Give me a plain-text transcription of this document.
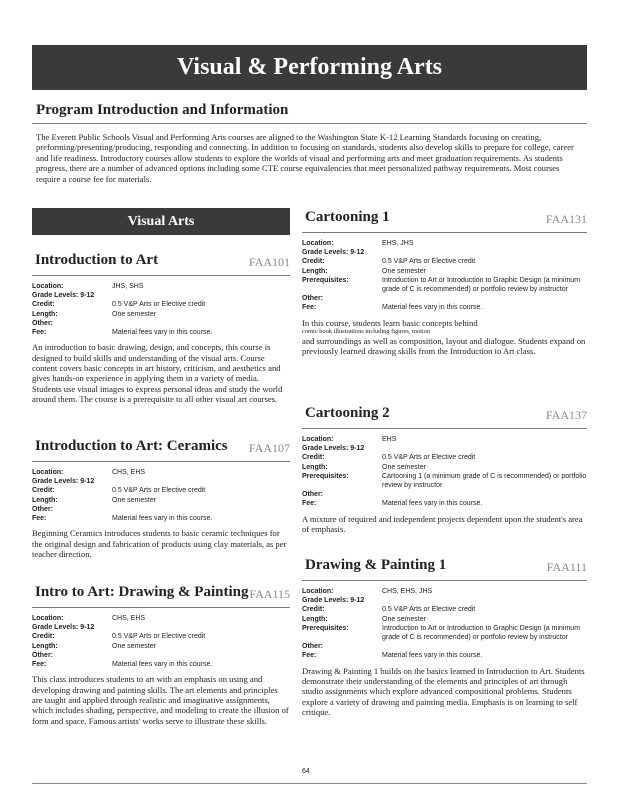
Visual & Performing Arts
Program Introduction and Information
The Everett Public Schools Visual and Performing Arts courses are aligned to the Washington State K-12 Learning Standards focusing on creating, preforming/presenting/producing, responding and connecting. In addition to focusing on standards, students also develop skills to prepare for college, career and life readiness. Introductory courses allow students to explore the worlds of visual and performing arts and meet graduation requirements. As students progress, there are a number of advanced options including some CTE course equivalencies that meet personalized pathway requirements. Most courses require a course fee for materials.
Visual Arts
Introduction to Art	FAA101
Location:	JHS, SHS
Grade Levels: 9-12
Credit:	0.5 V&P Arts or Elective credit
Length:	One semester
Other:
Fee:	Material fees vary in this course.
An introduction to basic drawing, design, and concepts, this course is designed to build skills and understanding of the visual arts. Course content covers basic concepts in art history, criticism, and aesthetics and gives hands-on experience in applying them in a variety of media. Students use visual images to express personal ideas and study the world around them. The course is a prerequisite to all other visual art courses.
Introduction to Art: Ceramics FAA107
Location:	CHS, EHS
Grade Levels: 9-12
Credit:	0.5 V&P Arts or Elective credit
Length:	One semester
Other:
Fee:	Material fees vary in this course.
Beginning Ceramics introduces students to basic ceramic techniques for the original design and fabrication of products using clay materials, as per teacher direction.
Intro to Art: Drawing & Painting FAA115
Location:	CHS, EHS
Grade Levels: 9-12
Credit:	0.5 V&P Arts or Elective credit
Length:	One semester
Other:
Fee:	Material fees vary in this course.
This class introduces students to art with an emphasis on using and developing drawing and painting skills. The art elements and principles are taught and applied through realistic and imaginative assignments, which includes shading, perspective, and modeling to create the illusion of form and space. Famous artists' works serve to illustrate these skills.
Cartooning 1	FAA131
Location:	EHS, JHS
Grade Levels: 9-12
Credit:	0.5 V&P Arts or Elective credit
Length:	One semester
Prerequisites:	Introduction to Art or Introduction to Graphic Design (a minimum grade of C is recommended) or portfolio review by instructor
Other:
Fee:	Material fees vary in this course.
In this course, students learn basic concepts behind
comic book illustrations including figures, motion
and surroundings as well as composition, layout and dialogue. Students expand on previously learned drawing skills from the Introduction to Art class.
Cartooning 2	FAA137
Location:	EHS
Grade Levels: 9-12
Credit:	0.5 V&P Arts or Elective credit
Length:	One semester
Prerequisites:	Cartooning 1 (a minimum grade of C is recommended) or portfolio review by instructor
Other:
Fee:	Material fees vary in this course.
A mixture of required and independent projects dependent upon the student's area of emphasis.
Drawing & Painting 1	FAA111
Location:	CHS, EHS, JHS
Grade Levels: 9-12
Credit:	0.5 V&P Arts or Elective credit
Length:	One semester
Prerequisites:	Introduction to Art or Introduction to Graphic Design (a minimum grade of C is recommended) or portfolio review by instructor
Other:
Fee:	Material fees vary in this course.
Drawing & Painting 1 builds on the basics learned in Introduction to Art. Students demonstrate their understanding of the elements and principles of art through studio assignments which explore advanced compositional problems. Students explore a variety of drawing and painting media. Emphasis is on learning to self critique.
64
